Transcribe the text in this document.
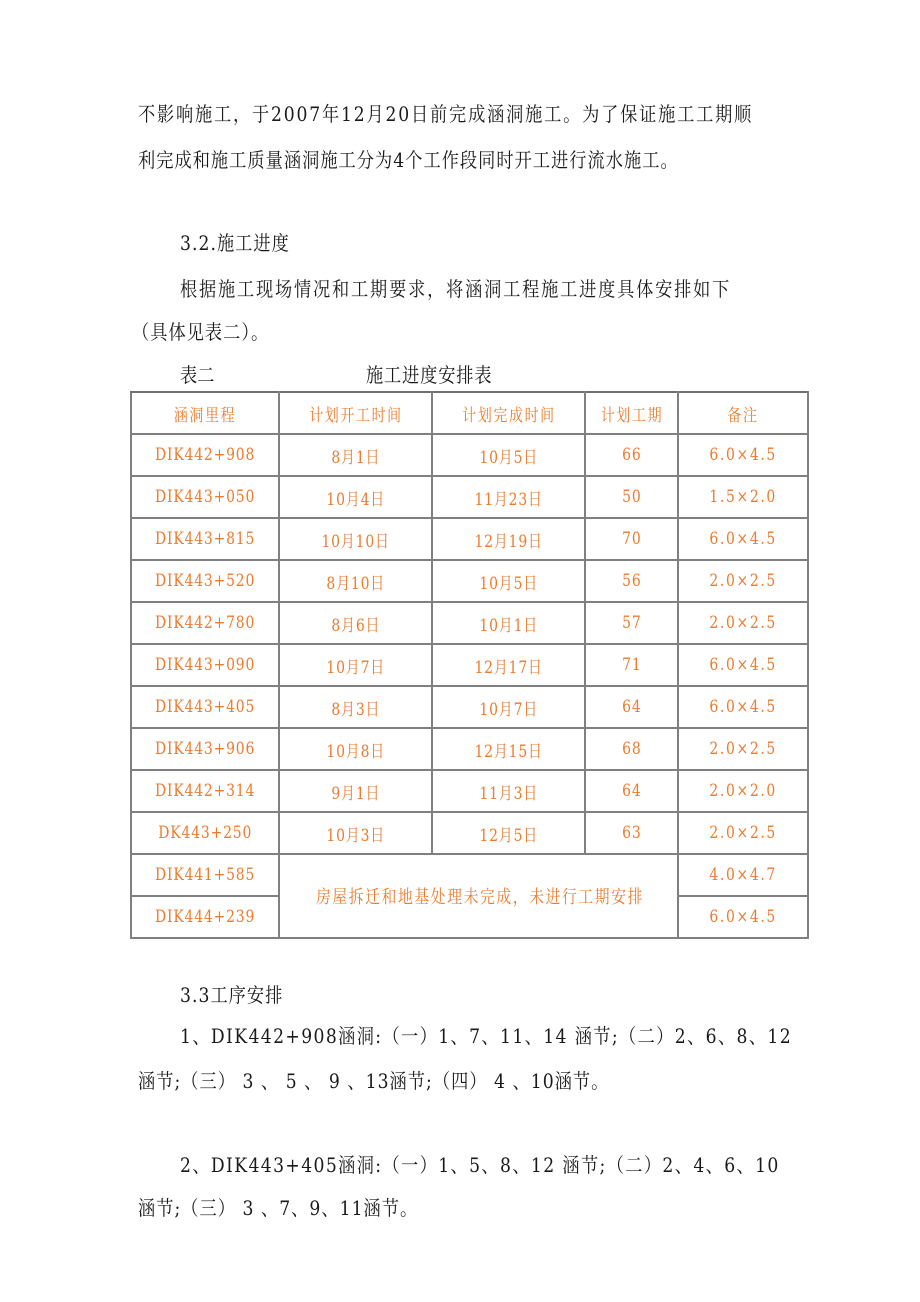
不影响施工，于2007年12月20日前完成涵洞施工。为了保证施工工期顺
利完成和施工质量涵洞施工分为4个工作段同时开工进行流水施工。
3.2.施工进度
根据施工现场情况和工期要求，将涵洞工程施工进度具体安排如下
（具体见表二）。
表二	施工进度安排表
涵洞里程	计划开工时间	计划完成时间	计划工期	备注
DIK442+908	8月1日	10月5日	66	6.0×4.5
DIK443+050	10月4日	11月23日	50	1.5×2.0
DIK443+815	10月10日	12月19日	70	6.0×4.5
DIK443+520	8月10日	10月5日	56	2.0×2.5
DIK442+780	8月6日	10月1日	57	2.0×2.5
DIK443+090	10月7日	12月17日	71	6.0×4.5
DIK443+405	8月3日	10月7日	64	6.0×4.5
DIK443+906	10月8日	12月15日	68	2.0×2.5
DIK442+314	9月1日	11月3日	64	2.0×2.0
DK443+250	10月3日	12月5日	63	2.0×2.5
DIK441+585	房屋拆迁和地基处理未完成，未进行工期安排			4.0×4.7
DIK444+239				6.0×4.5
3.3工序安排
1、DIK442+908涵洞:（一）1、7、11、14 涵节;（二）2、6、8、12
涵节;（三） 3 、 5 、 9 、13涵节;（四） 4 、10涵节。
2、DIK443+405涵洞:（一）1、5、8、12 涵节;（二）2、4、6、10
涵节;（三） 3 、7、9、11涵节。
